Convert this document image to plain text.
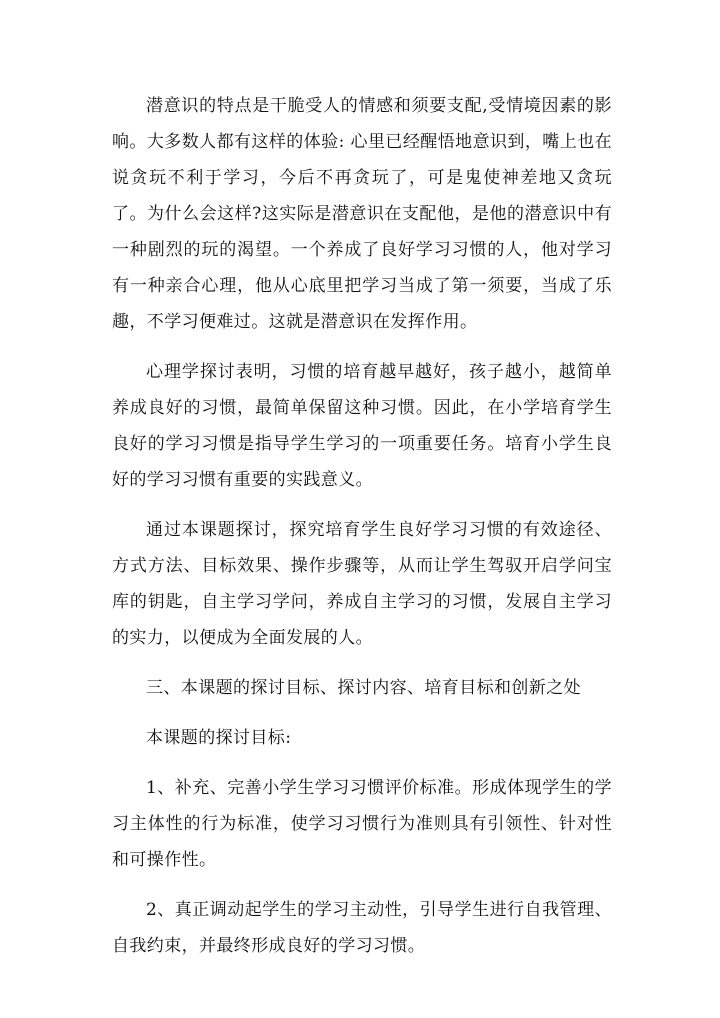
潜意识的特点是干脆受人的情感和须要支配,受情境因素的影响。大多数人都有这样的体验: 心里已经醒悟地意识到，嘴上也在说贪玩不利于学习，今后不再贪玩了，可是鬼使神差地又贪玩了。为什么会这样?这实际是潜意识在支配他，是他的潜意识中有一种剧烈的玩的渴望。一个养成了良好学习习惯的人，他对学习有一种亲合心理，他从心底里把学习当成了第一须要，当成了乐趣，不学习便难过。这就是潜意识在发挥作用。

心理学探讨表明，习惯的培育越早越好，孩子越小，越简单养成良好的习惯，最简单保留这种习惯。因此，在小学培育学生良好的学习习惯是指导学生学习的一项重要任务。培育小学生良好的学习习惯有重要的实践意义。

通过本课题探讨，探究培育学生良好学习习惯的有效途径、方式方法、目标效果、操作步骤等，从而让学生驾驭开启学问宝库的钥匙，自主学习学问，养成自主学习的习惯，发展自主学习的实力，以便成为全面发展的人。

三、本课题的探讨目标、探讨内容、培育目标和创新之处

本课题的探讨目标:

1、补充、完善小学生学习习惯评价标准。形成体现学生的学习主体性的行为标准，使学习习惯行为准则具有引领性、针对性和可操作性。

2、真正调动起学生的学习主动性，引导学生进行自我管理、自我约束，并最终形成良好的学习习惯。
